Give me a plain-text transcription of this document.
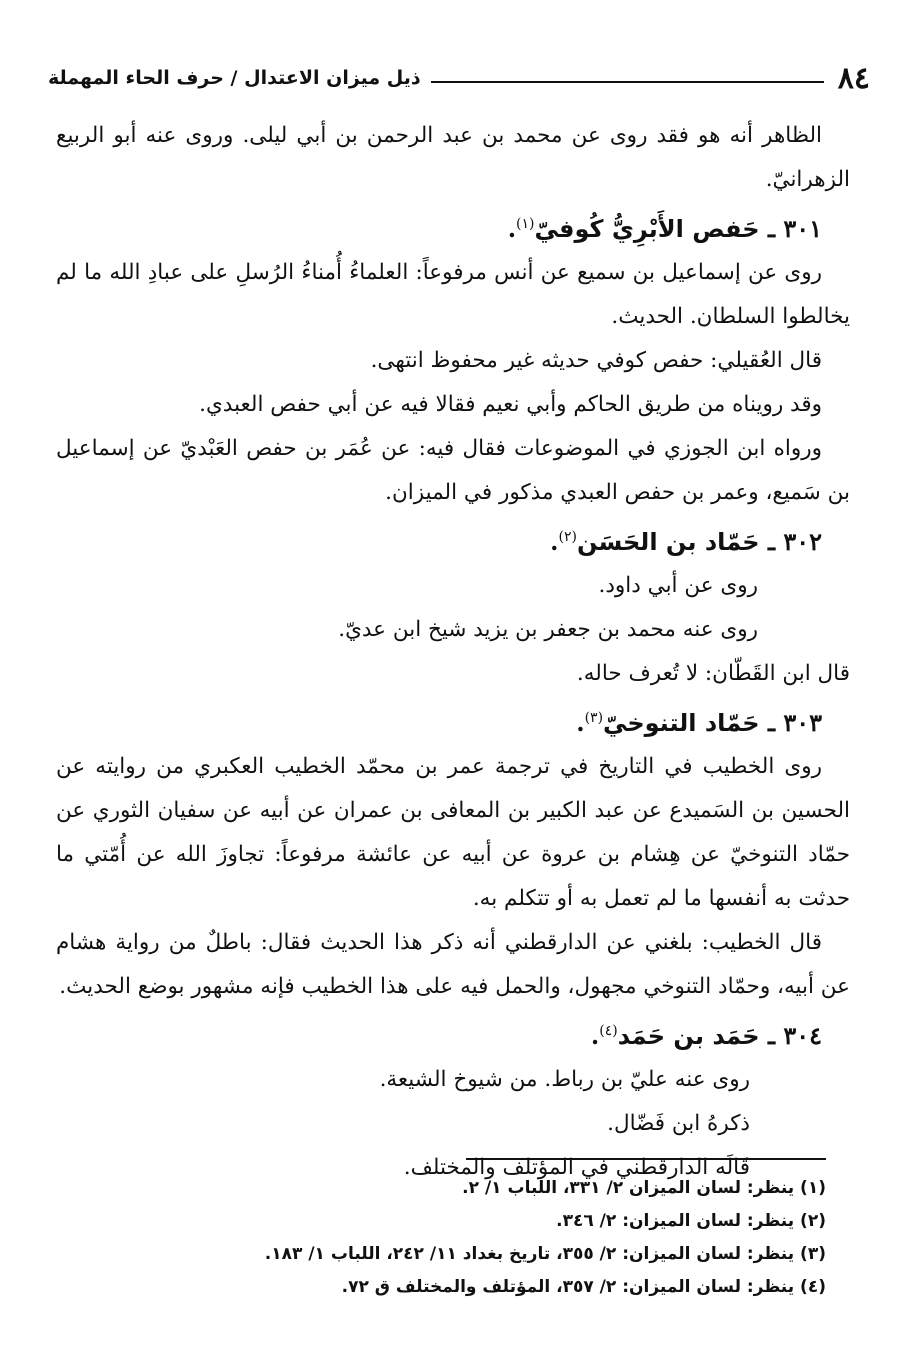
٨٤
ذيل ميزان الاعتدال / حرف الحاء المهملة

الظاهر أنه هو فقد روى عن محمد بن عبد الرحمن بن أبي ليلى. وروى عنه أبو الربيع الزهرانيّ.

٣٠١ ـ حَفص الأَبْرِيُّ كُوفيّ$^{(١)}$.

روى عن إسماعيل بن سميع عن أنس مرفوعاً: العلماءُ أُمناءُ الرُسلِ على عبادِ الله ما لم يخالطوا السلطان. الحديث.

قال العُقيلي: حفص كوفي حديثه غير محفوظ انتهى.

وقد رويناه من طريق الحاكم وأبي نعيم فقالا فيه عن أبي حفص العبدي.

ورواه ابن الجوزي في الموضوعات فقال فيه: عن عُمَر بن حفص العَبْديّ عن إسماعيل بن سَميع، وعمر بن حفص العبدي مذكور في الميزان.

٣٠٢ ـ حَمّاد بن الحَسَن$^{(٢)}$.

روى عن أبي داود.

روى عنه محمد بن جعفر بن يزيد شيخ ابن عديّ.

قال ابن القَطّان: لا تُعرف حاله.

٣٠٣ ـ حَمّاد التنوخيّ$^{(٣)}$.

روى الخطيب في التاريخ في ترجمة عمر بن محمّد الخطيب العكبري من روايته عن الحسين بن السَميدع عن عبد الكبير بن المعافى بن عمران عن أبيه عن سفيان الثوري عن حمّاد التنوخيّ عن هِشام بن عروة عن أبيه عن عائشة مرفوعاً: تجاوزَ الله عن أُمّتي ما حدثت به أنفسها ما لم تعمل به أو تتكلم به.

قال الخطيب: بلغني عن الدارقطني أنه ذكر هذا الحديث فقال: باطلٌ من رواية هشام عن أبيه، وحمّاد التنوخي مجهول، والحمل فيه على هذا الخطيب فإنه مشهور بوضع الحديث.

٣٠٤ ـ حَمَد بن حَمَد$^{(٤)}$.

روى عنه عليّ بن رباط. من شيوخ الشيعة.

ذكرهُ ابن فَضّال.

قَالَه الدارقطني في المؤتلف والمختلف.

(١) ينظر: لسان الميزان ٢/ ٣٣١، اللباب ١/ ٢.

(٢) ينظر: لسان الميزان: ٢/ ٣٤٦.

(٣) ينظر: لسان الميزان: ٢/ ٣٥٥، تاريخ بغداد ١١/ ٢٤٢، اللباب ١/ ١٨٣.

(٤) ينظر: لسان الميزان: ٢/ ٣٥٧، المؤتلف والمختلف ق ٧٢.
